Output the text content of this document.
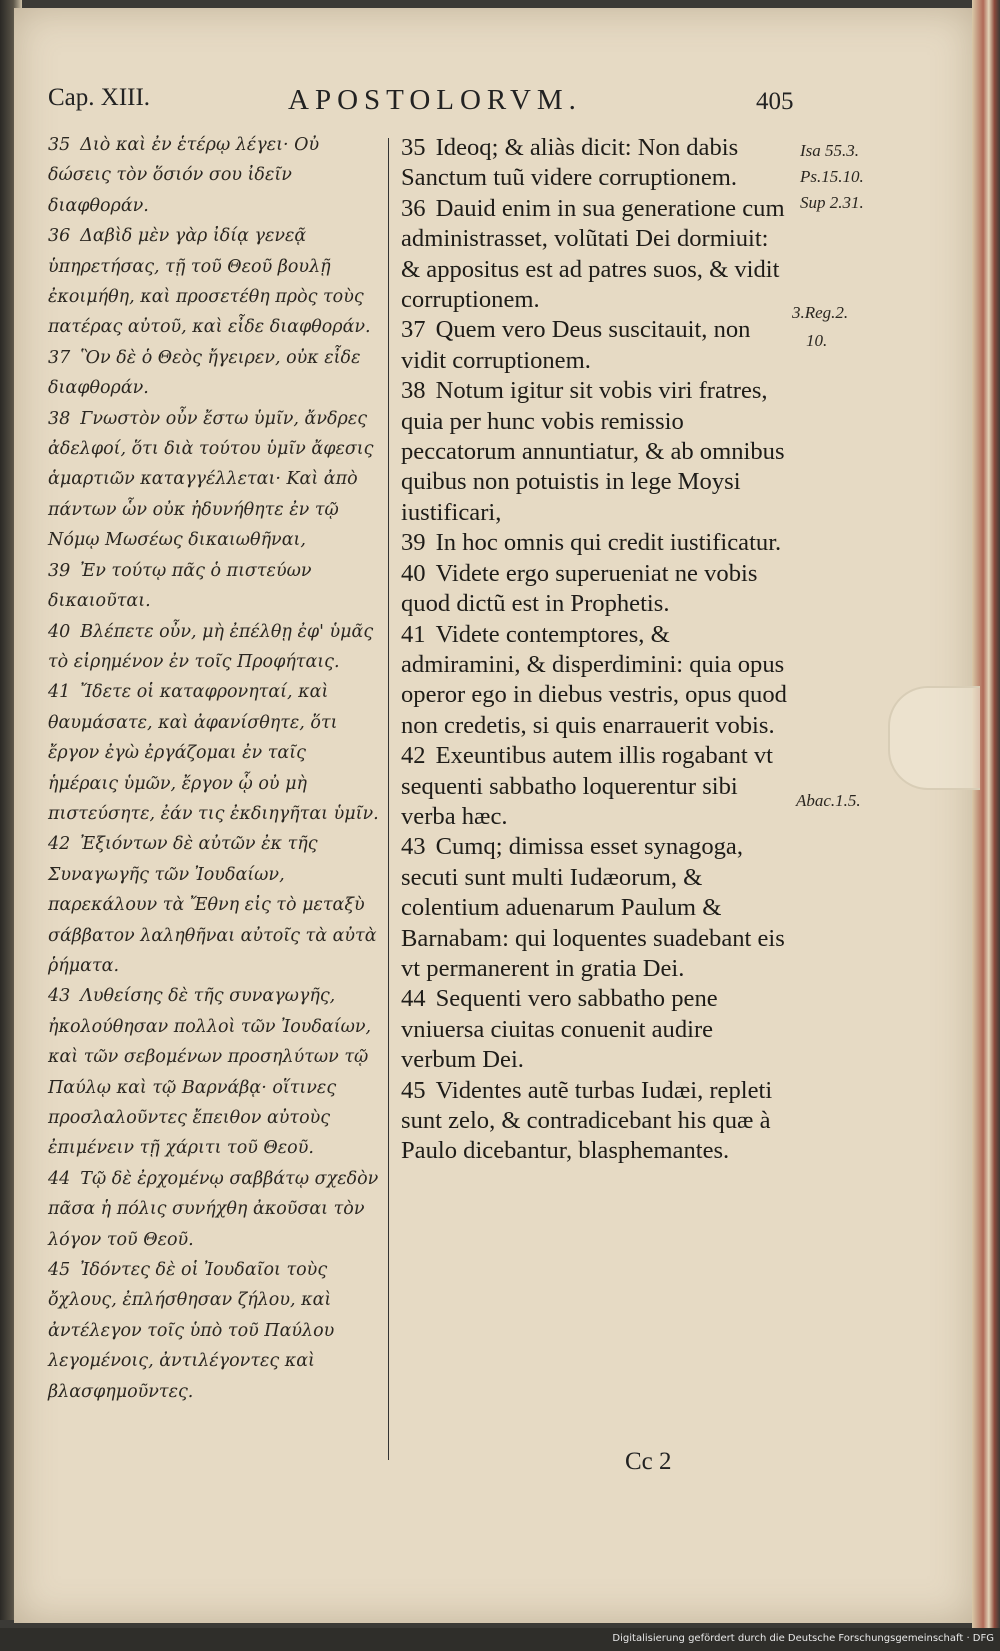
Cap. XIII.	APOSTOLORVM.	405

35 Διὸ καὶ ἐν ἑτέρῳ λέγει· Οὐ δώσεις τὸν ὅσιόν σου ἰδεῖν διαφθοράν.

36 Δαβὶδ μὲν γὰρ ἰδίᾳ γενεᾷ ὑπηρετήσας, τῇ τοῦ Θεοῦ βουλῇ ἐκοιμήθη, καὶ προσετέθη πρὸς τοὺς πατέρας αὐτοῦ, καὶ εἶδε διαφθοράν.

37 Ὃν δὲ ὁ Θεὸς ἤγειρεν, οὐκ εἶδε διαφθοράν.

38 Γνωστὸν οὖν ἔστω ὑμῖν, ἄνδρες ἀδελφοί, ὅτι διὰ τούτου ὑμῖν ἄφεσις ἁμαρτιῶν καταγγέλλεται· Καὶ ἀπὸ πάντων ὧν οὐκ ἠδυνήθητε ἐν τῷ Νόμῳ Μωσέως δικαιωθῆναι,

39 Ἐν τούτῳ πᾶς ὁ πιστεύων δικαιοῦται.

40 Βλέπετε οὖν, μὴ ἐπέλθῃ ἐφ' ὑμᾶς τὸ εἰρημένον ἐν τοῖς Προφήταις.

41 Ἴδετε οἱ καταφρονηταί, καὶ θαυμάσατε, καὶ ἀφανίσθητε, ὅτι ἔργον ἐγὼ ἐργάζομαι ἐν ταῖς ἡμέραις ὑμῶν, ἔργον ᾧ οὐ μὴ πιστεύσητε, ἐάν τις ἐκδιηγῆται ὑμῖν.

42 Ἐξιόντων δὲ αὐτῶν ἐκ τῆς Συναγωγῆς τῶν Ἰουδαίων, παρεκάλουν τὰ Ἔθνη εἰς τὸ μεταξὺ σάββατον λαληθῆναι αὐτοῖς τὰ αὐτὰ ῥήματα.

43 Λυθείσης δὲ τῆς συναγωγῆς, ἠκολούθησαν πολλοὶ τῶν Ἰουδαίων, καὶ τῶν σεβομένων προσηλύτων τῷ Παύλῳ καὶ τῷ Βαρνάβᾳ· οἵτινες προσλαλοῦντες ἔπειθον αὐτοὺς ἐπιμένειν τῇ χάριτι τοῦ Θεοῦ.

44 Τῷ δὲ ἐρχομένῳ σαββάτῳ σχεδὸν πᾶσα ἡ πόλις συνήχθη ἀκοῦσαι τὸν λόγον τοῦ Θεοῦ.

45 Ἰδόντες δὲ οἱ Ἰουδαῖοι τοὺς ὄχλους, ἐπλήσθησαν ζήλου, καὶ ἀντέλεγον τοῖς ὑπὸ τοῦ Παύλου λεγομένοις, ἀντιλέγοντες καὶ βλασφημοῦντες.

35 Ideoq; & aliàs dicit: Non dabis Sanctum tuũ videre corruptionem.

36 Dauid enim in sua generatione cum administrasset, volũtati Dei dormiuit: & appositus est ad patres suos, & vidit corruptionem.

37 Quem vero Deus suscitauit, non vidit corruptionem.

38 Notum igitur sit vobis viri fratres, quia per hunc vobis remissio peccatorum annuntiatur, & ab omnibus quibus non potuistis in lege Moysi iustificari,

39 In hoc omnis qui credit iustificatur.

40 Videte ergo superueniat ne vobis quod dictũ est in Prophetis.

41 Videte contemptores, & admiramini, & disperdimini: quia opus operor ego in diebus vestris, opus quod non credetis, si quis enarrauerit vobis.

42 Exeuntibus autem illis rogabant vt sequenti sabbatho loquerentur sibi verba hæc.

43 Cumq; dimissa esset synagoga, secuti sunt multi Iudæorum, & colentium aduenarum Paulum & Barnabam: qui loquentes suadebant eis vt permanerent in gratia Dei.

44 Sequenti vero sabbatho pene vniuersa ciuitas conuenit audire verbum Dei.

45 Videntes autẽ turbas Iudæi, repleti sunt zelo, & contradicebant his quæ à Paulo dicebantur, blasphemantes.

Isa 55.3.
Ps.15.10.
Sup 2.31.
3.Reg.2.
10.
Abac.1.5.
Cc 2
Digitalisierung gefördert durch die Deutsche Forschungsgemeinschaft · DFG
